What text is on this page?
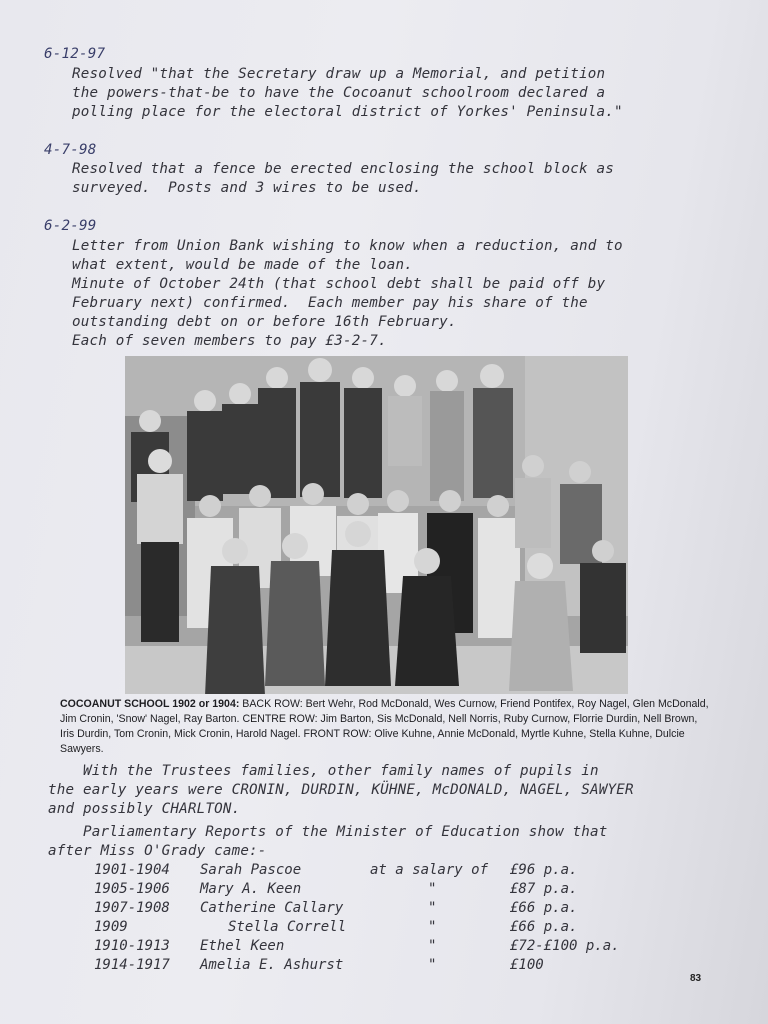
6-12-97
Resolved "that the Secretary draw up a Memorial, and petition
the powers-that-be to have the Cocoanut schoolroom declared a
polling place for the electoral district of Yorkes' Peninsula."
4-7-98
Resolved that a fence be erected enclosing the school block as
surveyed.  Posts and 3 wires to be used.
6-2-99
Letter from Union Bank wishing to know when a reduction, and to
what extent, would be made of the loan.
Minute of October 24th (that school debt shall be paid off by
February next) confirmed.  Each member pay his share of the
outstanding debt on or before 16th February.
Each of seven members to pay £3-2-7.
COCOANUT SCHOOL 1902 or 1904: BACK ROW: Bert Wehr, Rod McDonald, Wes Curnow, Friend Pontifex, Roy Nagel, Glen McDonald, Jim Cronin, 'Snow' Nagel, Ray Barton. CENTRE ROW: Jim Barton, Sis McDonald, Nell Norris, Ruby Curnow, Florrie Durdin, Nell Brown, Iris Durdin, Tom Cronin, Mick Cronin, Harold Nagel. FRONT ROW: Olive Kuhne, Annie McDonald, Myrtle Kuhne, Stella Kuhne, Dulcie Sawyers.
With the Trustees families, other family names of pupils in
the early years were CRONIN, DURDIN, KÜHNE, McDONALD, NAGEL, SAWYER
and possibly CHARLTON.
Parliamentary Reports of the Minister of Education show that
after Miss O'Grady came:-
1901-1904 Sarah Pascoe	at a salary of £96 p.a.
1905-1906 Mary A. Keen	"	£87 p.a.
1907-1908 Catherine Callary	"	£66 p.a.
1909	Stella Correll	"	£66 p.a.
1910-1913 Ethel Keen	"	£72-£100 p.a.
1914-1917 Amelia E. Ashurst	"	£100
83
